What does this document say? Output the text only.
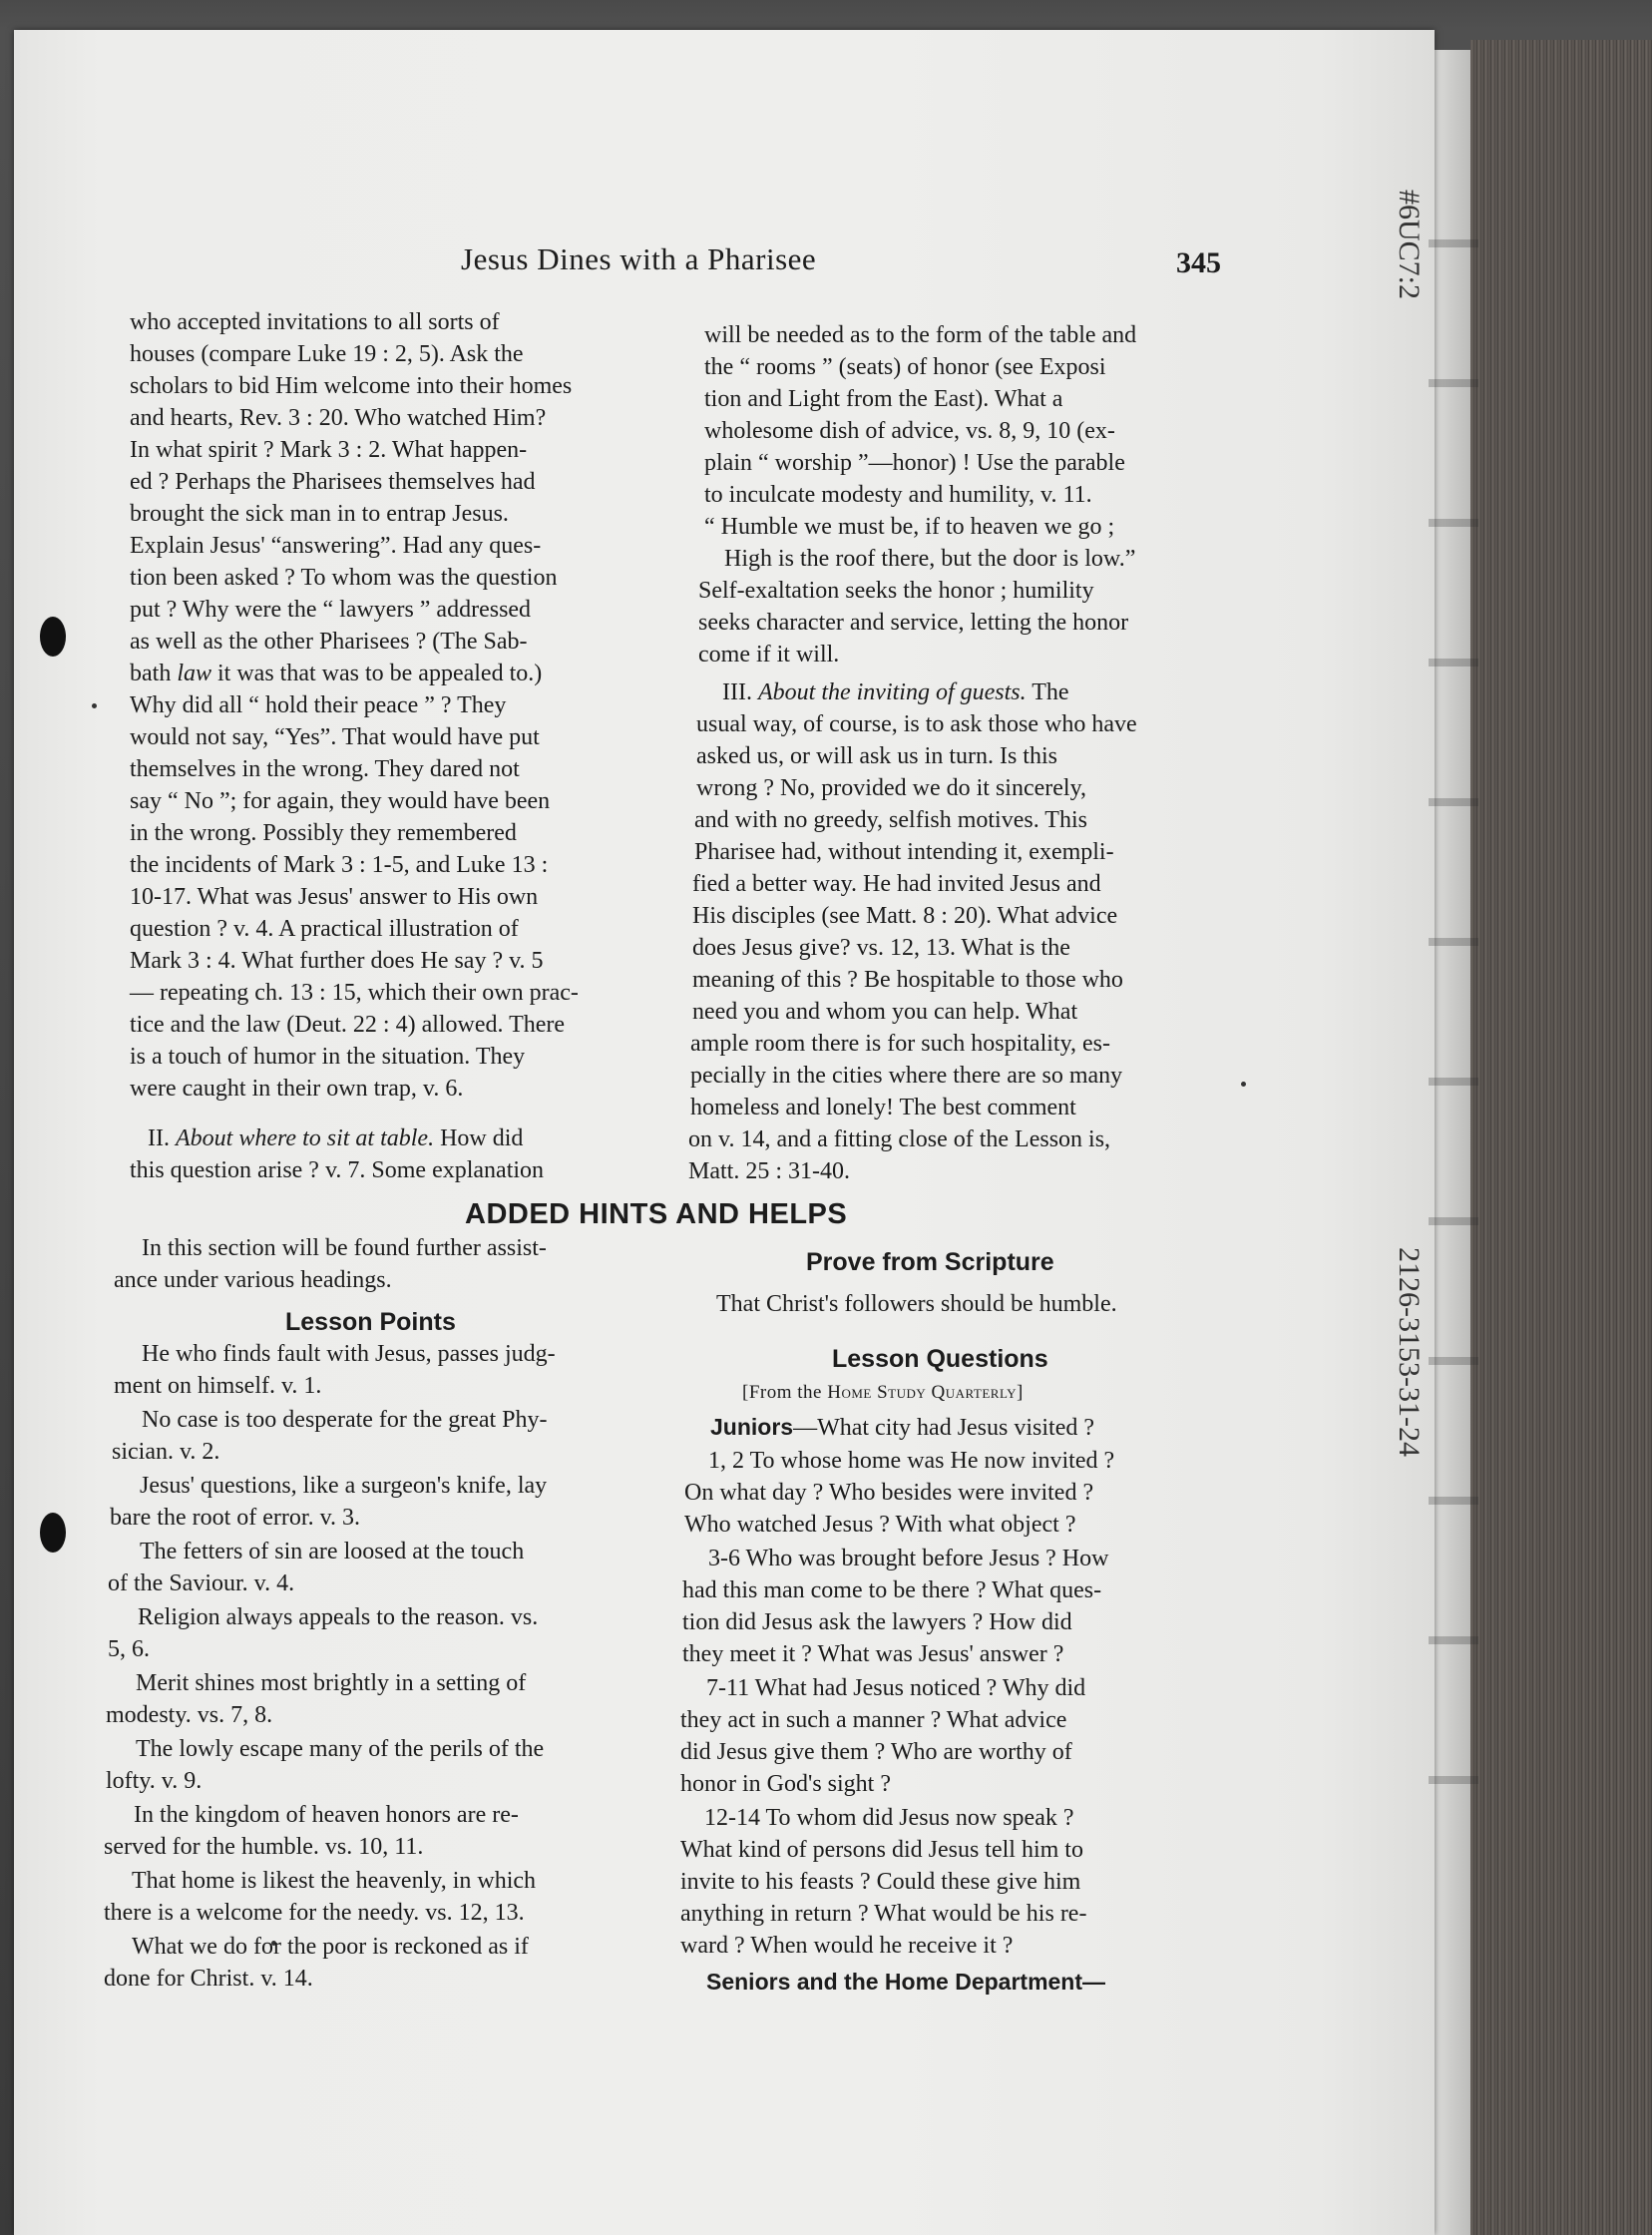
#6UC7:2
2126-3153-31-24
Jesus Dines with a Pharisee	345
who accepted invitations to all sorts of
houses (compare Luke 19 : 2, 5). Ask the
scholars to bid Him welcome into their homes
and hearts, Rev. 3 : 20. Who watched Him?
In what spirit ? Mark 3 : 2. What happen-
ed ? Perhaps the Pharisees themselves had
brought the sick man in to entrap Jesus.
Explain Jesus' “answering”. Had any ques-
tion been asked ? To whom was the question
put ? Why were the “ lawyers ” addressed
as well as the other Pharisees ? (The Sab-
bath law it was that was to be appealed to.)
Why did all “ hold their peace ” ? They
would not say, “Yes”. That would have put
themselves in the wrong. They dared not
say “ No ”; for again, they would have been
in the wrong. Possibly they remembered
the incidents of Mark 3 : 1-5, and Luke 13 :
10-17. What was Jesus' answer to His own
question ? v. 4. A practical illustration of
Mark 3 : 4. What further does He say ? v. 5
— repeating ch. 13 : 15, which their own prac-
tice and the law (Deut. 22 : 4) allowed. There
is a touch of humor in the situation. They
were caught in their own trap, v. 6.
II. About where to sit at table. How did
this question arise ? v. 7. Some explanation
will be needed as to the form of the table and
the “ rooms ” (seats) of honor (see Exposi
tion and Light from the East). What a
wholesome dish of advice, vs. 8, 9, 10 (ex-
plain “ worship ”—honor) ! Use the parable
to inculcate modesty and humility, v. 11.
“ Humble we must be, if to heaven we go ;
High is the roof there, but the door is low.”
Self-exaltation seeks the honor ; humility
seeks character and service, letting the honor
come if it will.
III. About the inviting of guests. The
usual way, of course, is to ask those who have
asked us, or will ask us in turn. Is this
wrong ? No, provided we do it sincerely,
and with no greedy, selfish motives. This
Pharisee had, without intending it, exempli-
fied a better way. He had invited Jesus and
His disciples (see Matt. 8 : 20). What advice
does Jesus give? vs. 12, 13. What is the
meaning of this ? Be hospitable to those who
need you and whom you can help. What
ample room there is for such hospitality, es-
pecially in the cities where there are so many
homeless and lonely! The best comment
on v. 14, and a fitting close of the Lesson is,
Matt. 25 : 31-40.
ADDED HINTS AND HELPS
In this section will be found further assist-
ance under various headings.
Lesson Points
He who finds fault with Jesus, passes judg-
ment on himself. v. 1.
No case is too desperate for the great Phy-
sician. v. 2.
Jesus' questions, like a surgeon's knife, lay
bare the root of error. v. 3.
The fetters of sin are loosed at the touch
of the Saviour. v. 4.
Religion always appeals to the reason. vs.
5, 6.
Merit shines most brightly in a setting of
modesty. vs. 7, 8.
The lowly escape many of the perils of the
lofty. v. 9.
In the kingdom of heaven honors are re-
served for the humble. vs. 10, 11.
That home is likest the heavenly, in which
there is a welcome for the needy. vs. 12, 13.
What we do for the poor is reckoned as if
done for Christ. v. 14.
Prove from Scripture
That Christ's followers should be humble.
Lesson Questions
[From the Home Study Quarterly]
Juniors—What city had Jesus visited ?
1, 2 To whose home was He now invited ?
On what day ? Who besides were invited ?
Who watched Jesus ? With what object ?
3-6 Who was brought before Jesus ? How
had this man come to be there ? What ques-
tion did Jesus ask the lawyers ? How did
they meet it ? What was Jesus' answer ?
7-11 What had Jesus noticed ? Why did
they act in such a manner ? What advice
did Jesus give them ? Who are worthy of
honor in God's sight ?
12-14 To whom did Jesus now speak ?
What kind of persons did Jesus tell him to
invite to his feasts ? Could these give him
anything in return ? What would be his re-
ward ? When would he receive it ?
Seniors and the Home Department—
